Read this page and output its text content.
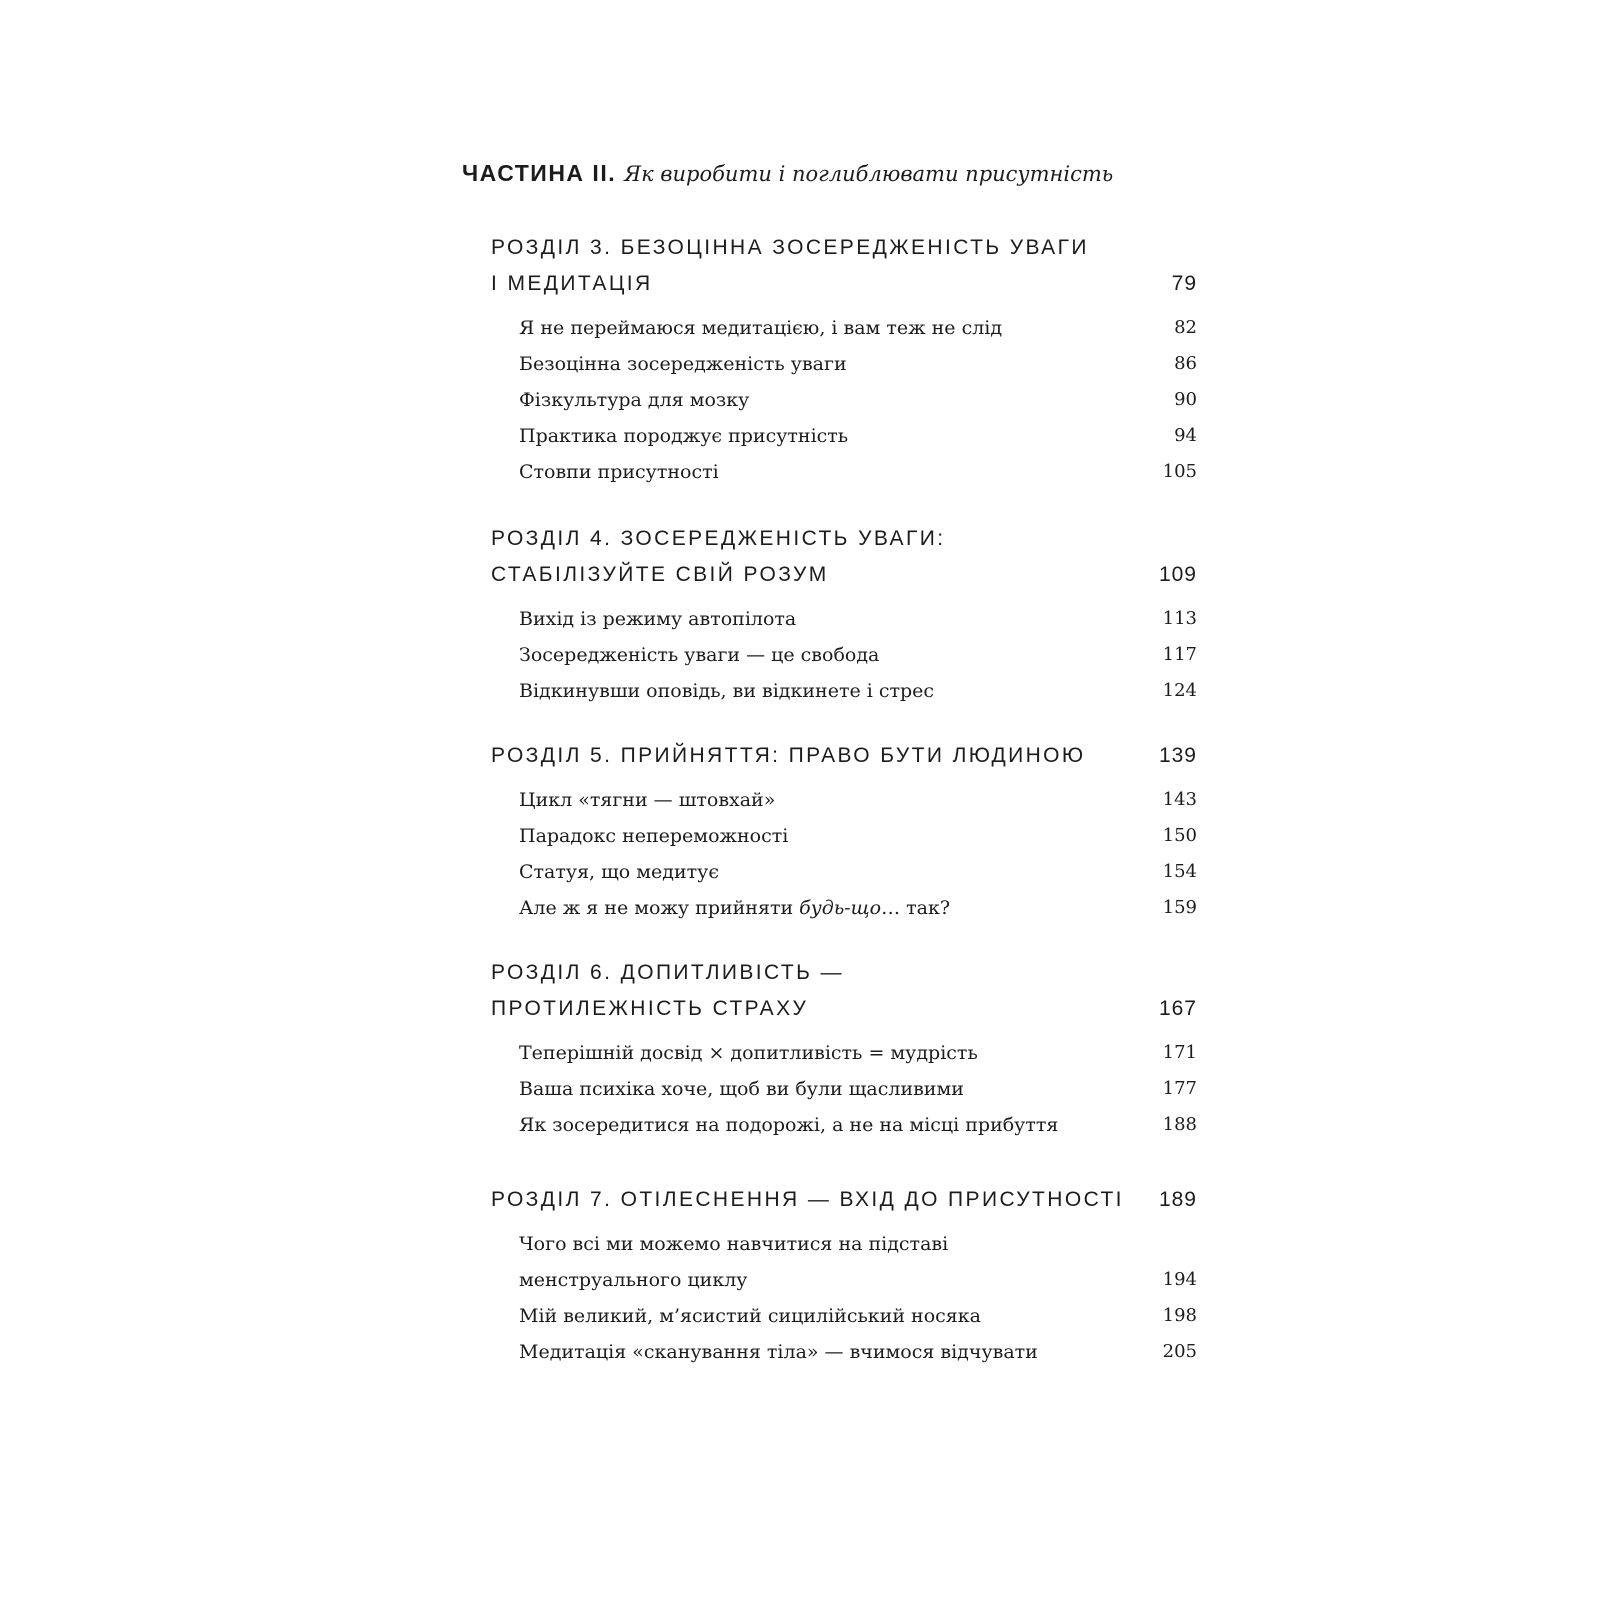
ЧАСТИНА II. Як виробити і поглиблювати присутність
РОЗДІЛ 3. БЕЗОЦІННА ЗОСЕРЕДЖЕНІСТЬ УВАГИ
І МЕДИТАЦІЯ	79
Я не переймаюся медитацією, і вам теж не слід	82
Безоцінна зосередженість уваги	86
Фізкультура для мозку	90
Практика породжує присутність	94
Стовпи присутності	105
РОЗДІЛ 4. ЗОСЕРЕДЖЕНІСТЬ УВАГИ:
СТАБІЛІЗУЙТЕ СВІЙ РОЗУМ	109
Вихід із режиму автопілота	113
Зосередженість уваги — це свобода	117
Відкинувши оповідь, ви відкинете і стрес	124
РОЗДІЛ 5. ПРИЙНЯТТЯ: ПРАВО БУТИ ЛЮДИНОЮ	139
Цикл «тягни — штовхай»	143
Парадокс непереможності	150
Статуя, що медитує	154
Але ж я не можу прийняти будь-що… так?	159
РОЗДІЛ 6. ДОПИТЛИВІСТЬ —
ПРОТИЛЕЖНІСТЬ СТРАХУ	167
Теперішній досвід × допитливість = мудрість	171
Ваша психіка хоче, щоб ви були щасливими	177
Як зосередитися на подорожі, а не на місці прибуття	188
РОЗДІЛ 7. ОТІЛЕСНЕННЯ — ВХІД ДО ПРИСУТНОСТІ 189
Чого всі ми можемо навчитися на підставі
менструального циклу	194
Мій великий, м’ясистий сицилійський носяка	198
Медитація «сканування тіла» — вчимося відчувати	205
